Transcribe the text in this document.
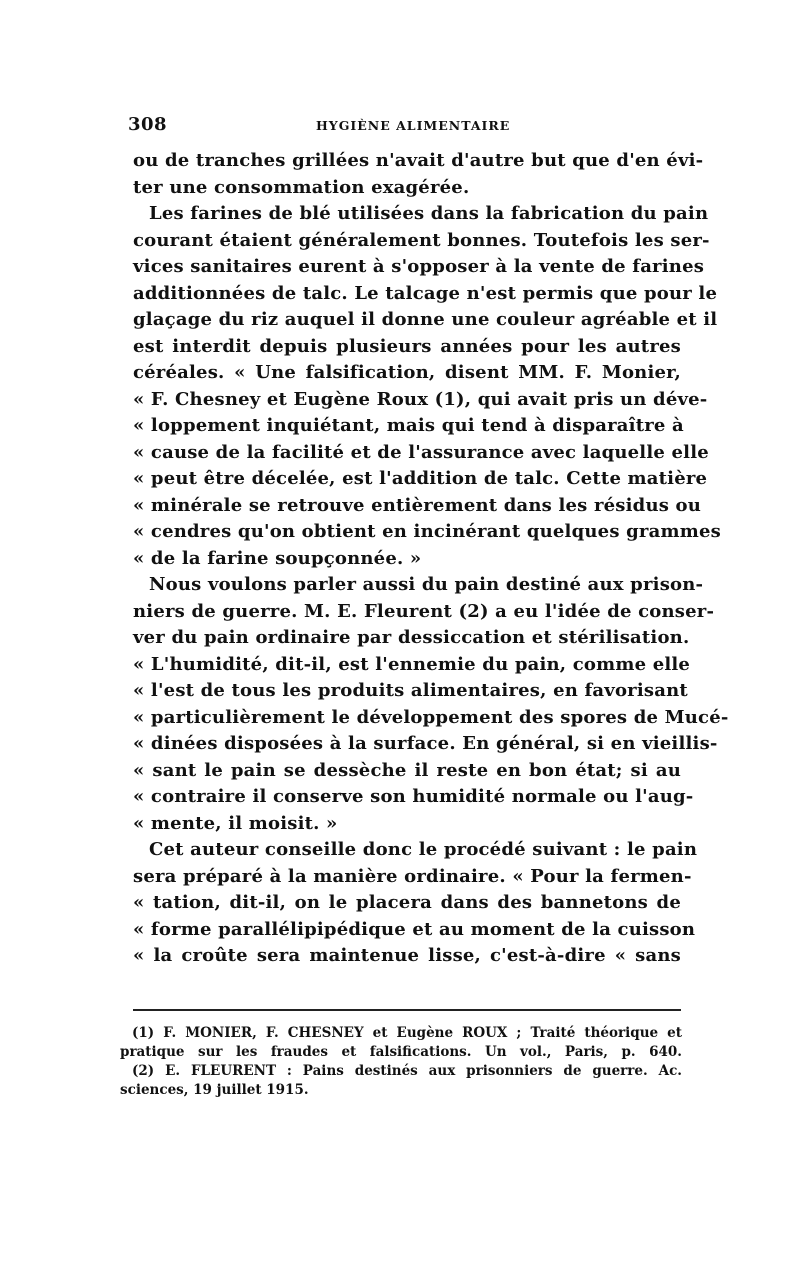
308	HYGIÈNE ALIMENTAIRE
ou de tranches grillées n'avait d'autre but que d'en évi-
ter une consommation exagérée.
Les farines de blé utilisées dans la fabrication du pain
courant étaient généralement bonnes. Toutefois les ser-
vices sanitaires eurent à s'opposer à la vente de farines
additionnées de talc. Le talcage n'est permis que pour le
glaçage du riz auquel il donne une couleur agréable et il
est interdit depuis plusieurs années pour les autres
céréales. « Une falsification, disent MM. F. Monier,
« F. Chesney et Eugène Roux (1), qui avait pris un déve-
« loppement inquiétant, mais qui tend à disparaître à
« cause de la facilité et de l'assurance avec laquelle elle
« peut être décelée, est l'addition de talc. Cette matière
« minérale se retrouve entièrement dans les résidus ou
« cendres qu'on obtient en incinérant quelques grammes
« de la farine soupçonnée. »
Nous voulons parler aussi du pain destiné aux prison-
niers de guerre. M. E. Fleurent (2) a eu l'idée de conser-
ver du pain ordinaire par dessiccation et stérilisation.
« L'humidité, dit-il, est l'ennemie du pain, comme elle
« l'est de tous les produits alimentaires, en favorisant
« particulièrement le développement des spores de Mucé-
« dinées disposées à la surface. En général, si en vieillis-
« sant le pain se dessèche il reste en bon état; si au
« contraire il conserve son humidité normale ou l'aug-
« mente, il moisit. »
Cet auteur conseille donc le procédé suivant : le pain
sera préparé à la manière ordinaire. « Pour la fermen-
« tation, dit-il, on le placera dans des bannetons de
« forme parallélipipédique et au moment de la cuisson
« la croûte sera maintenue lisse, c'est-à-dire « sans
(1) F. MONIER, F. CHESNEY et Eugène ROUX ; Traité théorique et
pratique sur les fraudes et falsifications. Un vol., Paris, p. 640.
(2) E. FLEURENT : Pains destinés aux prisonniers de guerre. Ac.
sciences, 19 juillet 1915.
